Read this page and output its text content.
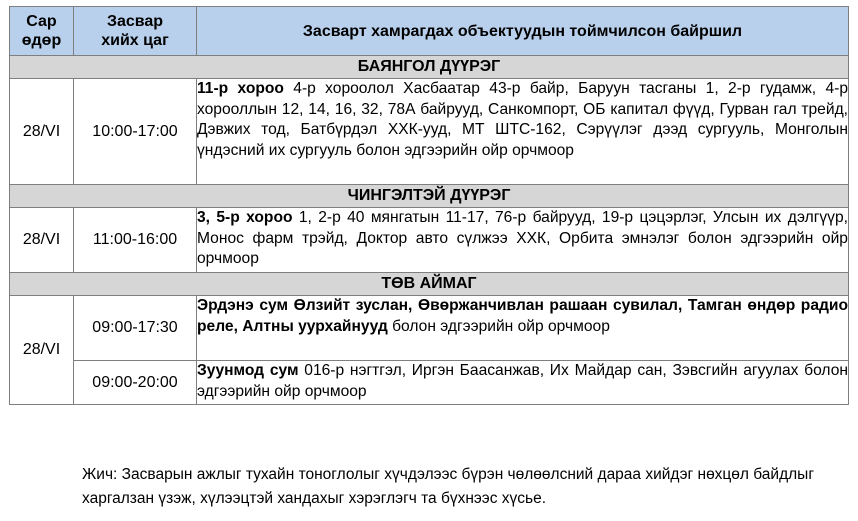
Сар өдөр	Засвар хийх цаг	Засварт хамрагдах объектуудын тоймчилсон байршил
БАЯНГОЛ ДҮҮРЭГ		
28/VI	10:00-17:00	11-р хороо 4-р хороолол Хасбаатар 43-р байр, Баруун тасганы 1, 2-р гудамж, 4-р хорооллын 12, 14, 16, 32, 78А байрууд, Санкомпорт, ОБ капитал фүүд, Гурван гал трейд, Дэвжих тод, Батбүрдэл ХХК-ууд, МТ ШТС-162, Сэрүүлэг дээд сургууль, Монголын үндэсний их сургууль болон эдгээрийн ойр орчмоор
ЧИНГЭЛТЭЙ ДҮҮРЭГ		
28/VI	11:00-16:00	3, 5-р хороо 1, 2-р 40 мянгатын 11-17, 76-р байрууд, 19-р цэцэрлэг, Улсын их дэлгүүр, Монос фарм трэйд, Доктор авто сүлжээ ХХК, Орбита эмнэлэг болон эдгээрийн ойр орчмоор
ТӨВ АЙМАГ		
28/VI	09:00-17:30	Эрдэнэ сум Өлзийт зуслан, Өвөржанчивлан рашаан сувилал, Тамган өндөр радио реле, Алтны уурхайнууд болон эдгээрийн ойр орчмоор
	09:00-20:00	Зуунмод сум 016-р нэгтгэл, Иргэн Баасанжав, Их Майдар сан, Зэвсгийн агуулах болон эдгээрийн ойр орчмоор
Жич: Засварын ажлыг тухайн тоноглолыг хүчдэлээс бүрэн чөлөөлсний дараа хийдэг нөхцөл байдлыг харгалзан үзэж, хүлээцтэй хандахыг хэрэглэгч та бүхнээс хүсье.
